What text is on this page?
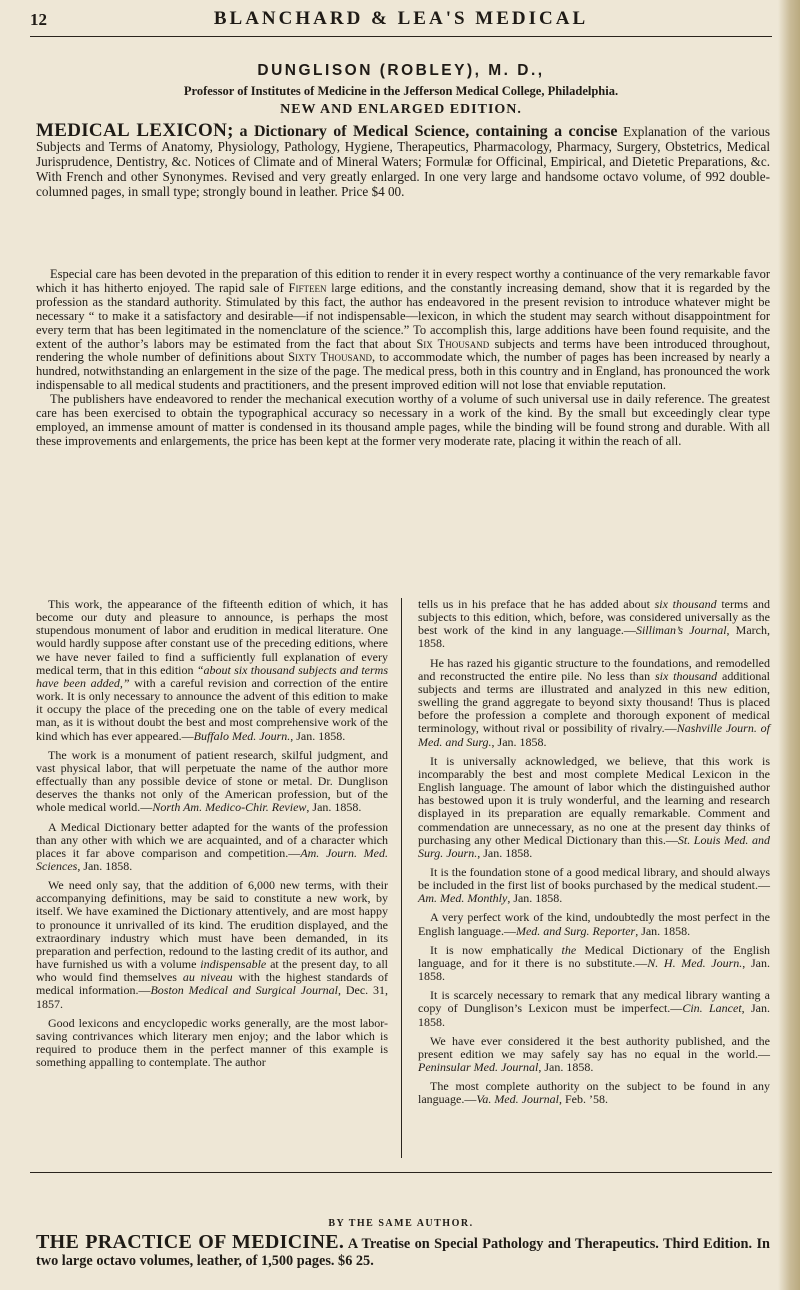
12	BLANCHARD & LEA'S MEDICAL
DUNGLISON (ROBLEY), M. D.,
Professor of Institutes of Medicine in the Jefferson Medical College, Philadelphia.
NEW AND ENLARGED EDITION.
MEDICAL LEXICON; a Dictionary of Medical Science, containing a concise Explanation of the various Subjects and Terms of Anatomy, Physiology, Pathology, Hygiene, Therapeutics, Pharmacology, Pharmacy, Surgery, Obstetrics, Medical Jurisprudence, Dentistry, &c. Notices of Climate and of Mineral Waters; Formulæ for Officinal, Empirical, and Dietetic Preparations, &c. With French and other Synonymes. Revised and very greatly enlarged. In one very large and handsome octavo volume, of 992 double-columned pages, in small type; strongly bound in leather. Price $4 00.

Especial care has been devoted in the preparation of this edition to render it in every respect worthy a continuance of the very remarkable favor which it has hitherto enjoyed. The rapid sale of Fifteen large editions, and the constantly increasing demand, show that it is regarded by the profession as the standard authority. Stimulated by this fact, the author has endeavored in the present revision to introduce whatever might be necessary “ to make it a satisfactory and desirable—if not indispensable—lexicon, in which the student may search without disappointment for every term that has been legitimated in the nomenclature of the science.” To accomplish this, large additions have been found requisite, and the extent of the author’s labors may be estimated from the fact that about Six Thousand subjects and terms have been introduced throughout, rendering the whole number of definitions about Sixty Thousand, to accommodate which, the number of pages has been increased by nearly a hundred, notwithstanding an enlargement in the size of the page. The medical press, both in this country and in England, has pronounced the work indispensable to all medical students and practitioners, and the present improved edition will not lose that enviable reputation.

The publishers have endeavored to render the mechanical execution worthy of a volume of such universal use in daily reference. The greatest care has been exercised to obtain the typographical accuracy so necessary in a work of the kind. By the small but exceedingly clear type employed, an immense amount of matter is condensed in its thousand ample pages, while the binding will be found strong and durable. With all these improvements and enlargements, the price has been kept at the former very moderate rate, placing it within the reach of all.

This work, the appearance of the fifteenth edition of which, it has become our duty and pleasure to announce, is perhaps the most stupendous monument of labor and erudition in medical literature. One would hardly suppose after constant use of the preceding editions, where we have never failed to find a sufficiently full explanation of every medical term, that in this edition “about six thousand subjects and terms have been added,” with a careful revision and correction of the entire work. It is only necessary to announce the advent of this edition to make it occupy the place of the preceding one on the table of every medical man, as it is without doubt the best and most comprehensive work of the kind which has ever appeared.—Buffalo Med. Journ., Jan. 1858.

The work is a monument of patient research, skilful judgment, and vast physical labor, that will perpetuate the name of the author more effectually than any possible device of stone or metal. Dr. Dunglison deserves the thanks not only of the American profession, but of the whole medical world.—North Am. Medico-Chir. Review, Jan. 1858.

A Medical Dictionary better adapted for the wants of the profession than any other with which we are acquainted, and of a character which places it far above comparison and competition.—Am. Journ. Med. Sciences, Jan. 1858.

We need only say, that the addition of 6,000 new terms, with their accompanying definitions, may be said to constitute a new work, by itself. We have examined the Dictionary attentively, and are most happy to pronounce it unrivalled of its kind. The erudition displayed, and the extraordinary industry which must have been demanded, in its preparation and perfection, redound to the lasting credit of its author, and have furnished us with a volume indispensable at the present day, to all who would find themselves au niveau with the highest standards of medical information.—Boston Medical and Surgical Journal, Dec. 31, 1857.

Good lexicons and encyclopedic works generally, are the most labor-saving contrivances which literary men enjoy; and the labor which is required to produce them in the perfect manner of this example is something appalling to contemplate. The author

tells us in his preface that he has added about six thousand terms and subjects to this edition, which, before, was considered universally as the best work of the kind in any language.—Silliman’s Journal, March, 1858.

He has razed his gigantic structure to the foundations, and remodelled and reconstructed the entire pile. No less than six thousand additional subjects and terms are illustrated and analyzed in this new edition, swelling the grand aggregate to beyond sixty thousand! Thus is placed before the profession a complete and thorough exponent of medical terminology, without rival or possibility of rivalry.—Nashville Journ. of Med. and Surg., Jan. 1858.

It is universally acknowledged, we believe, that this work is incomparably the best and most complete Medical Lexicon in the English language. The amount of labor which the distinguished author has bestowed upon it is truly wonderful, and the learning and research displayed in its preparation are equally remarkable. Comment and commendation are unnecessary, as no one at the present day thinks of purchasing any other Medical Dictionary than this.—St. Louis Med. and Surg. Journ., Jan. 1858.

It is the foundation stone of a good medical library, and should always be included in the first list of books purchased by the medical student.—Am. Med. Monthly, Jan. 1858.

A very perfect work of the kind, undoubtedly the most perfect in the English language.—Med. and Surg. Reporter, Jan. 1858.

It is now emphatically the Medical Dictionary of the English language, and for it there is no substitute.—N. H. Med. Journ., Jan. 1858.

It is scarcely necessary to remark that any medical library wanting a copy of Dunglison’s Lexicon must be imperfect.—Cin. Lancet, Jan. 1858.

We have ever considered it the best authority published, and the present edition we may safely say has no equal in the world.—Peninsular Med. Journal, Jan. 1858.

The most complete authority on the subject to be found in any language.—Va. Med. Journal, Feb. ’58.

BY THE SAME AUTHOR.
THE PRACTICE OF MEDICINE. A Treatise on Special Pathology and Therapeutics. Third Edition. In two large octavo volumes, leather, of 1,500 pages. $6 25.
